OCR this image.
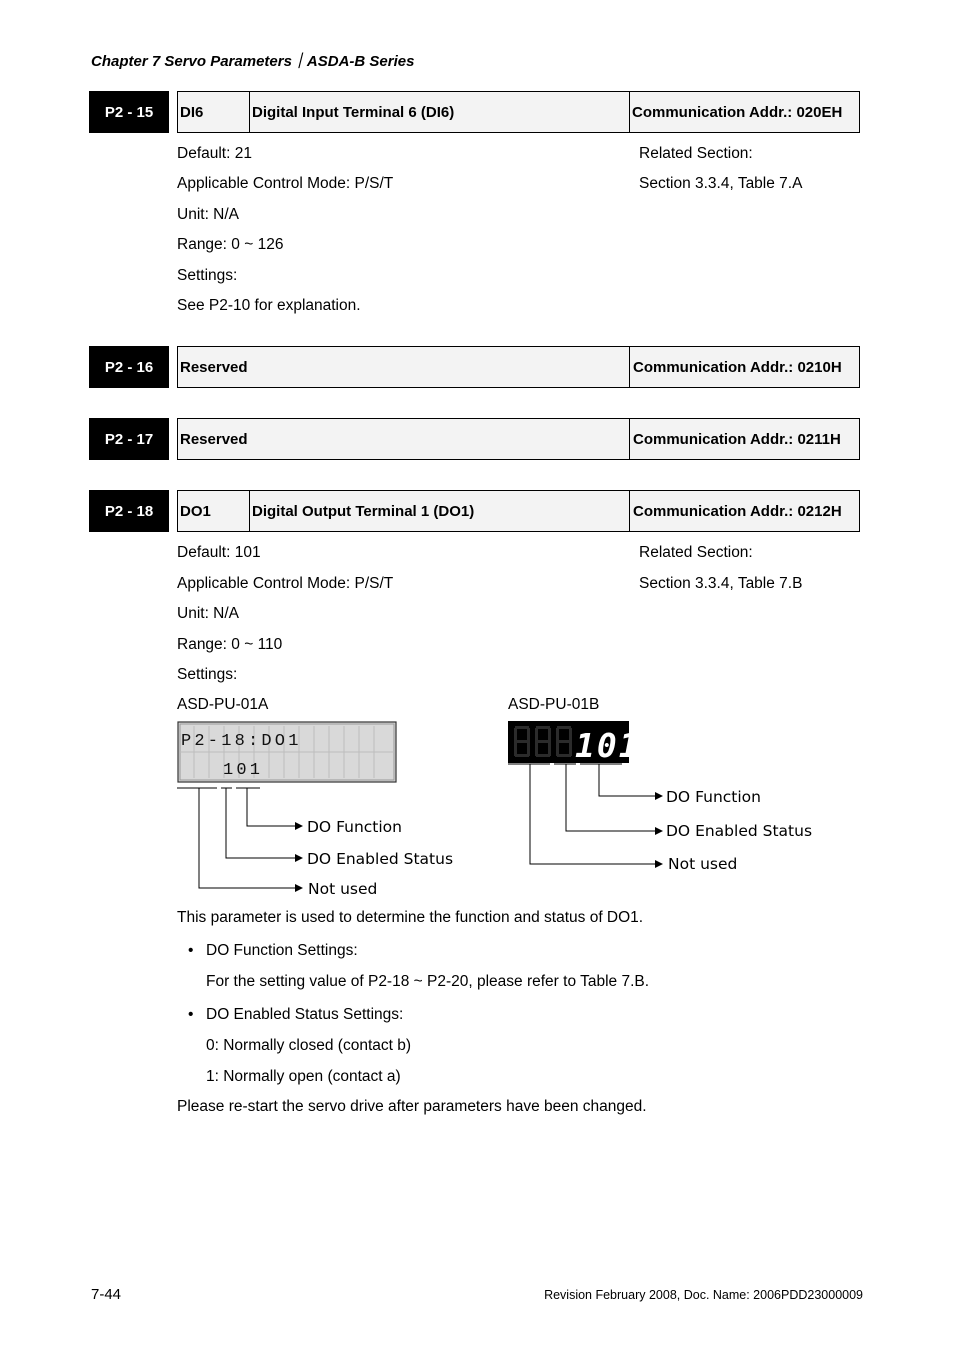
Chapter 7 Servo Parameters｜ASDA-B Series
P2 - 15	DI6	Digital Input Terminal 6 (DI6)	Communication Addr.: 020EH
Default: 21
Applicable Control Mode: P/S/T
Unit: N/A
Range: 0 ~ 126
Settings:
See P2-10 for explanation.
Related Section:
Section 3.3.4, Table 7.A
P2 - 16	Reserved	Communication Addr.: 0210H
P2 - 17	Reserved	Communication Addr.: 0211H
P2 - 18	DO1	Digital Output Terminal 1 (DO1)	Communication Addr.: 0212H
Default: 101
Applicable Control Mode: P/S/T
Unit: N/A
Range: 0 ~ 110
Settings:
Related Section:
Section 3.3.4, Table 7.B
ASD-PU-01A
P2-18:DO1
101
DO Function
DO Enabled Status
Not used
ASD-PU-01B
101
DO Function
DO Enabled Status
Not used
This parameter is used to determine the function and status of DO1.
• DO Function Settings:
For the setting value of P2-18 ~ P2-20, please refer to Table 7.B.
• DO Enabled Status Settings:
0: Normally closed (contact b)
1: Normally open (contact a)
Please re-start the servo drive after parameters have been changed.
7-44	Revision February 2008, Doc. Name: 2006PDD23000009
